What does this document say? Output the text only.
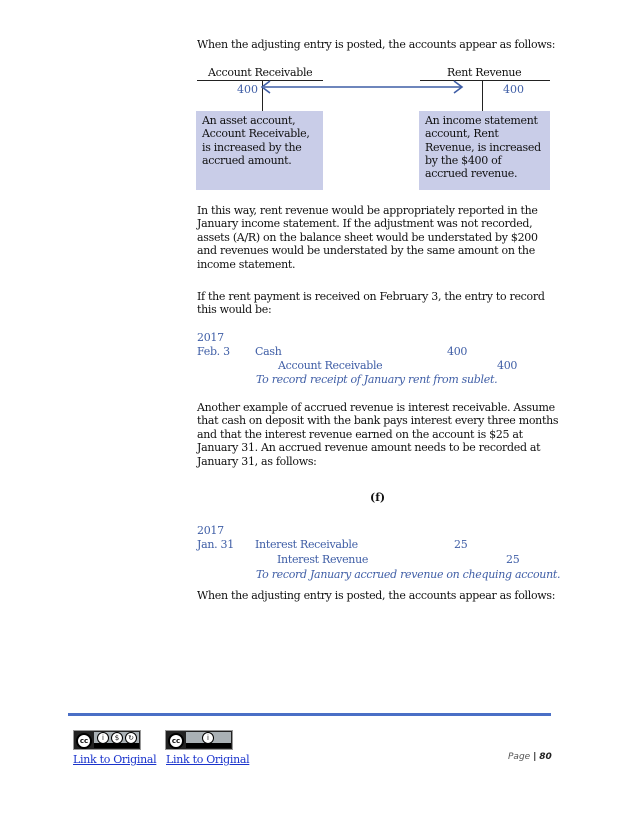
When the adjusting entry is posted, the accounts appear as follows:
Account Receivable
400
Rent Revenue
400
An asset account, Account Receivable, is increased by the accrued amount.
An income statement account, Rent Revenue, is increased by the $400 of accrued revenue.
In this way, rent revenue would be appropriately reported in the January income statement. If the adjustment was not recorded, assets (A/R) on the balance sheet would be understated by $200 and revenues would be understated by the same amount on the income statement.
If the rent payment is received on February 3, the entry to record this would be:
2017
Feb. 3 Cash	400
Account Receivable	400
To record receipt of January rent from sublet.
Another example of accrued revenue is interest receivable. Assume that cash on deposit with the bank pays interest every three months and that the interest revenue earned on the account is $25 at January 31. An accrued revenue amount needs to be recorded at January 31, as follows:
(f)
2017
Jan. 31 Interest Receivable	25
Interest Revenue	25
To record January accrued revenue on chequing account.
When the adjusting entry is posted, the accounts appear as follows:
cc	i	$	↻	cc	i
Link to Original Link to Original	Page | 80
